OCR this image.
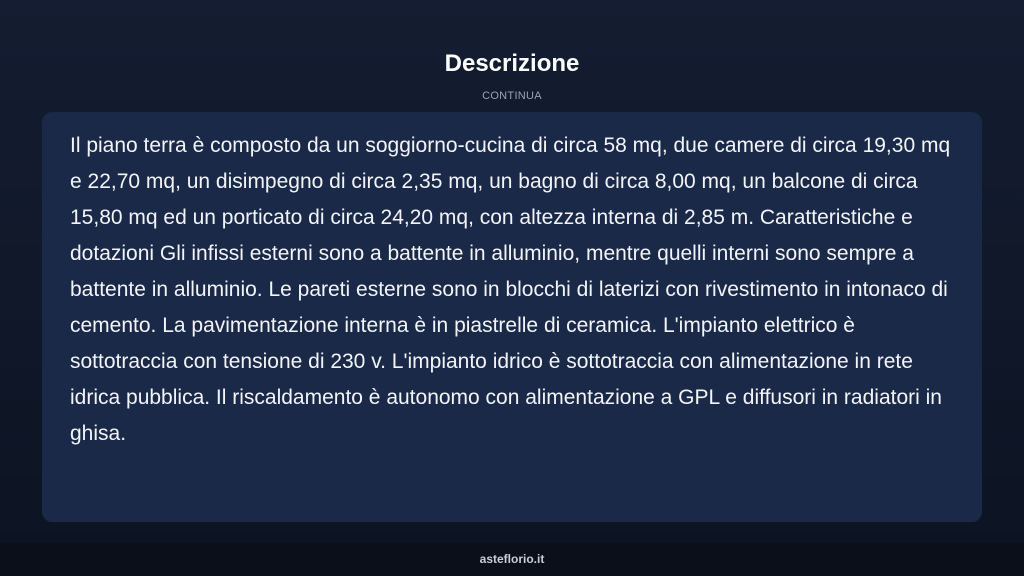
Descrizione
CONTINUA

Il piano terra è composto da un soggiorno-cucina di circa 58 mq, due camere di circa 19,30 mq e 22,70 mq, un disimpegno di circa 2,35 mq, un bagno di circa 8,00 mq, un balcone di circa 15,80 mq ed un porticato di circa 24,20 mq, con altezza interna di 2,85 m. Caratteristiche e dotazioni Gli infissi esterni sono a battente in alluminio, mentre quelli interni sono sempre a battente in alluminio. Le pareti esterne sono in blocchi di laterizi con rivestimento in intonaco di cemento. La pavimentazione interna è in piastrelle di ceramica. L'impianto elettrico è sottotraccia con tensione di 230 v. L'impianto idrico è sottotraccia con alimentazione in rete idrica pubblica. Il riscaldamento è autonomo con alimentazione a GPL e diffusori in radiatori in ghisa.

asteflorio.it
